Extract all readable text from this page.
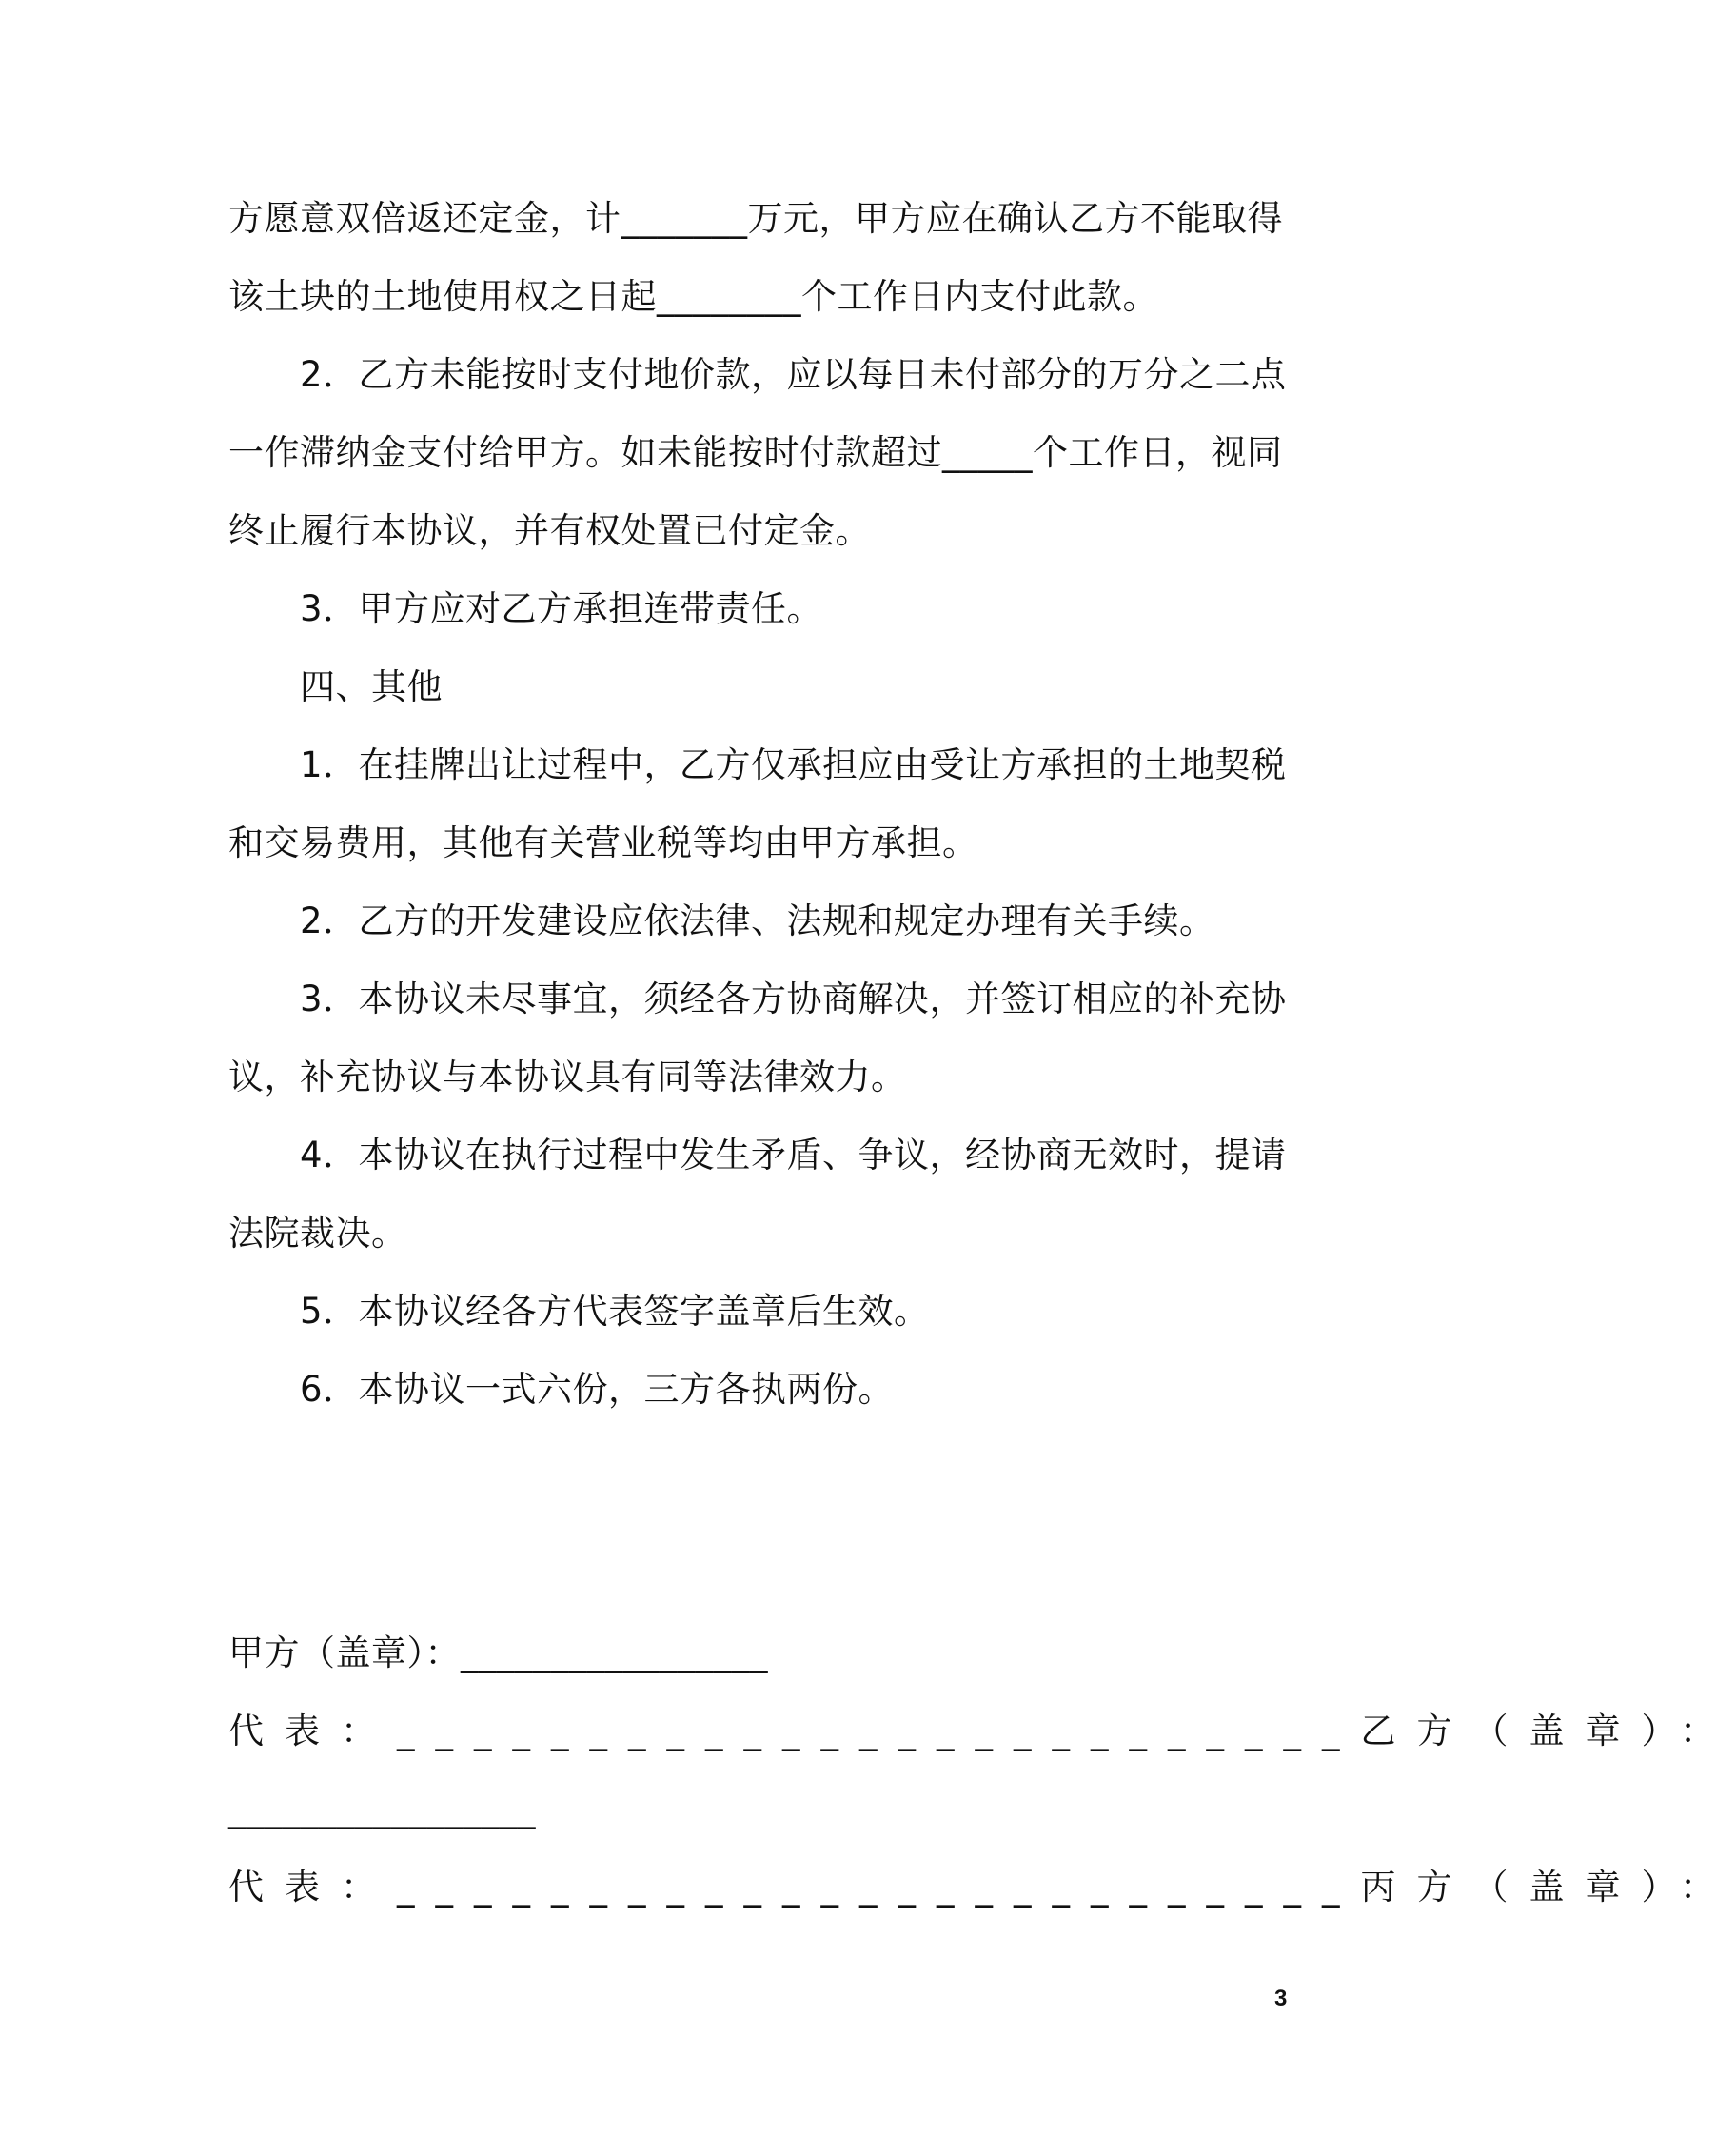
方愿意双倍返还定金，计_______万元，甲方应在确认乙方不能取得
该土块的土地使用权之日起________个工作日内支付此款。
2．乙方未能按时支付地价款，应以每日未付部分的万分之二点
一作滞纳金支付给甲方。如未能按时付款超过_____个工作日，视同
终止履行本协议，并有权处置已付定金。
3．甲方应对乙方承担连带责任。
四、其他
1．在挂牌出让过程中，乙方仅承担应由受让方承担的土地契税
和交易费用，其他有关营业税等均由甲方承担。
2．乙方的开发建设应依法律、法规和规定办理有关手续。
3．本协议未尽事宜，须经各方协商解决，并签订相应的补充协
议，补充协议与本协议具有同等法律效力。
4．本协议在执行过程中发生矛盾、争议，经协商无效时，提请
法院裁决。
5．本协议经各方代表签字盖章后生效。
6．本协议一式六份，三方各执两份。
甲方（盖章）：_________________
代表：_________________________乙方（盖章）：
_________________
代表：_________________________丙方（盖章）：
3
